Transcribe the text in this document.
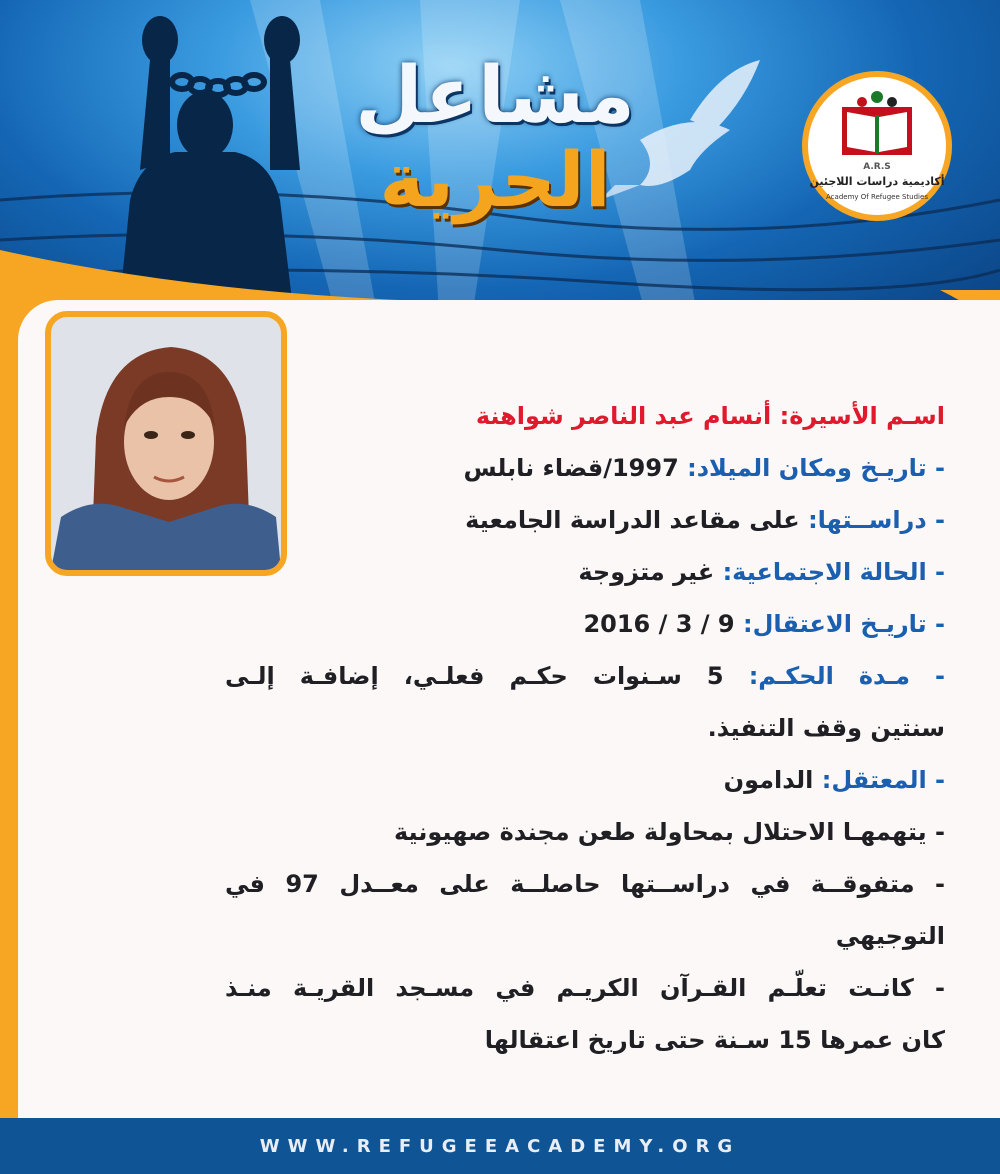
مشاعل
الحرية	A.R.S
أكاديمية دراسات اللاجئين
Academy Of Refugee Studies
اسـم الأسيرة: أنسام عبد الناصر شواهنة
- تاريـخ ومكان الميلاد: 1997/قضاء نابلس
- دراســتها: على مقاعد الدراسة الجامعية
- الحالة الاجتماعية: غير متزوجة
- تاريـخ الاعتقال: 9 / 3 / 2016
- مـدة الحكـم: 5 سـنوات حكـم فعلـي، إضافـة إلـى
سنتين وقف التنفيذ.
- المعتقل: الدامون
- يتهمهـا الاحتلال بمحاولة طعن مجندة صهيونية
- متفوقــة في دراســتها حاصلــة على معــدل 97 في
التوجيهي
- كانـت تعلّـم القـرآن الكريـم في مسـجد القريـة منـذ
كان عمرها 15 سـنة حتى تاريخ اعتقالها
WWW.REFUGEEACADEMY.ORG
